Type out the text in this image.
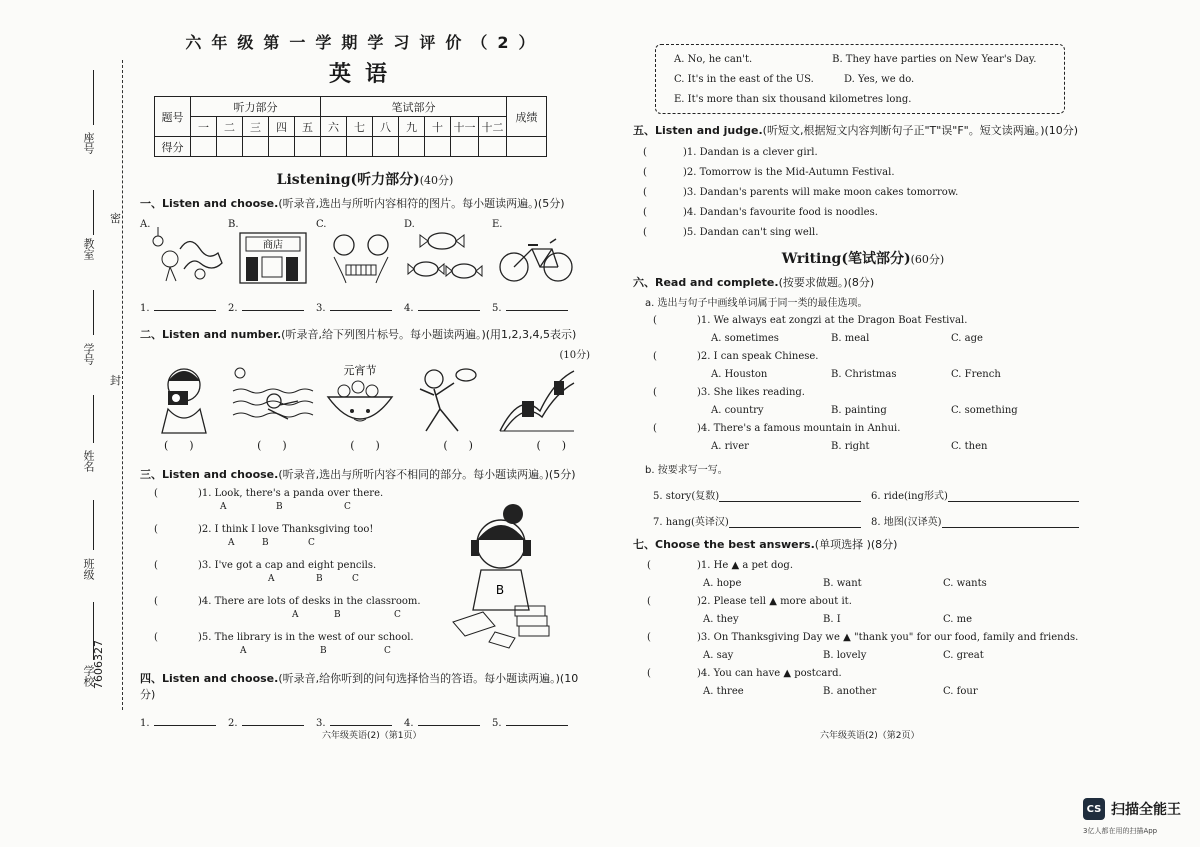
座号
教室
学号
姓名
班级
学校
密
封
7606327
六年级第一学期学习评价（2）
英语
题号	听力部分					笔试部分							成绩
	一	二	三	四	五	六	七	八	九	十	十一	十二	
得分													
Listening(听力部分)(40分)
一、Listen and choose.(听录音,选出与所听内容相符的图片。每小题读两遍。)(5分)
A.	B.
商店
C.	D.	E.
1.	2.	3.	4.	5.
二、Listen and number.(听录音,给下列图片标号。每小题读两遍。)(用1,2,3,4,5表示)
(10分)
元宵节
(      )	(      )	(      )	(      )	(      )
三、Listen and choose.(听录音,选出与所听内容不相同的部分。每小题读两遍。)(5分)
B
(	)1. Look, there's a panda over there.
A	B	C
(	)2. I think I love Thanksgiving too!
A	B	C
(	)3. I've got a cap and eight pencils.
A	B	C
(	)4. There are lots of desks in the classroom.
A	B	C
(	)5. The library is in the west of our school.
A	B	C
四、Listen and choose.(听录音,给你听到的问句选择恰当的答语。每小题读两遍。)(10分)
1.	2.	3.	4.	5.
六年级英语(2)（第1页）
A. No, he can't.	B. They have parties on New Year's Day.
C. It's in the east of the US.	D. Yes, we do.
E. It's more than six thousand kilometres long.
五、Listen and judge.(听短文,根据短文内容判断句子正"T"误"F"。短文读两遍。)(10分)
(	)1. Dandan is a clever girl.
(	)2. Tomorrow is the Mid-Autumn Festival.
(	)3. Dandan's parents will make moon cakes tomorrow.
(	)4. Dandan's favourite food is noodles.
(	)5. Dandan can't sing well.
Writing(笔试部分)(60分)
六、Read and complete.(按要求做题。)(8分)
a. 选出与句子中画线单词属于同一类的最佳选项。
(	)1. We always eat zongzi at the Dragon Boat Festival.
A. sometimes	B. meal	C. age
(	)2. I can speak Chinese.
A. Houston	B. Christmas	C. French
(	)3. She likes reading.
A. country	B. painting	C. something
(	)4. There's a famous mountain in Anhui.
A. river	B. right	C. then
b. 按要求写一写。
5. story(复数)	6. ride(ing形式)
7. hang(英译汉)	8. 地图(汉译英)
七、Choose the best answers.(单项选择 )(8分)
(	)1. He
▲
a pet dog.
A. hope	B. want	C. wants
(	)2. Please tell
▲
more about it.
A. they	B. I	C. me
(	)3. On Thanksgiving Day we
▲
"thank you" for our food, family and friends.
A. say	B. lovely	C. great
(	)4. You can have
▲
postcard.
A. three	B. another	C. four
六年级英语(2)（第2页）
CS 扫描全能王
3亿人都在用的扫描App
